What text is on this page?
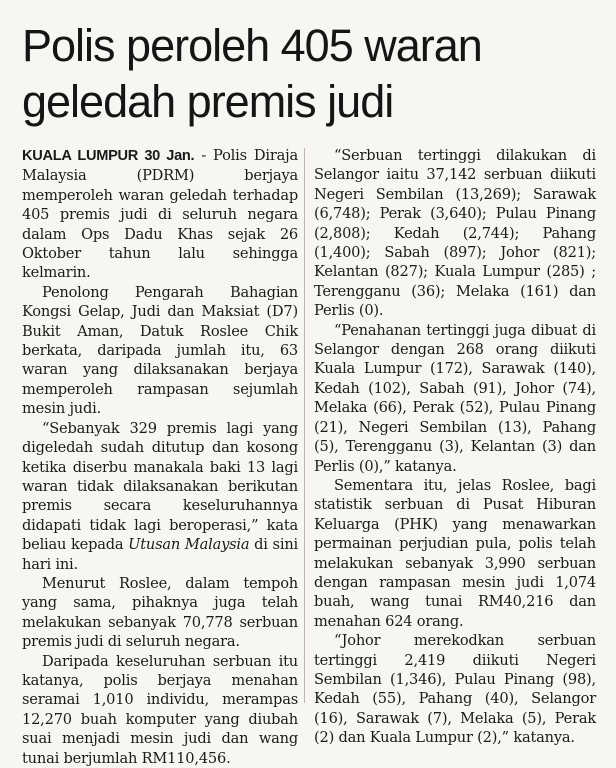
Polis peroleh 405 waran
geledah premis judi

KUALA LUMPUR 30 Jan. - Polis Diraja Malaysia (PDRM) berjaya memperoleh waran geledah terhadap 405 premis judi di seluruh negara dalam Ops Dadu Khas sejak 26 Oktober tahun lalu sehingga kelmarin.

Penolong Pengarah Bahagian Kongsi Gelap, Judi dan Maksiat (D7) Bukit Aman, Datuk Roslee Chik berkata, daripada jumlah itu, 63 waran yang dilaksanakan berjaya memperoleh rampasan sejumlah mesin judi.

“Sebanyak 329 premis lagi yang digeledah sudah ditutup dan kosong ketika diserbu manakala baki 13 lagi waran tidak dilaksanakan berikutan premis secara keseluruhannya didapati tidak lagi beroperasi,” kata beliau kepada Utusan Malaysia di sini hari ini.

Menurut Roslee, dalam tempoh yang sama, pihaknya juga telah melakukan sebanyak 70,778 serbuan premis judi di seluruh negara.

Daripada keseluruhan serbuan itu katanya, polis berjaya menahan seramai 1,010 individu, merampas 12,270 buah komputer yang diubah suai menjadi mesin judi dan wang tunai berjumlah RM110,456.

“Serbuan tertinggi dilakukan di Selangor iaitu 37,142 serbuan diikuti Negeri Sembilan (13,269); Sarawak (6,748); Perak (3,640); Pulau Pinang (2,808); Kedah (2,744); Pahang (1,400); Sabah (897); Johor (821); Kelantan (827); Kuala Lumpur (285) ; Terengganu (36); Melaka (161) dan Perlis (0).

“Penahanan tertinggi juga dibuat di Selangor dengan 268 orang diikuti Kuala Lumpur (172), Sarawak (140), Kedah (102), Sabah (91), Johor (74), Melaka (66), Perak (52), Pulau Pinang (21), Negeri Sembilan (13), Pahang (5), Terengganu (3), Kelantan (3) dan Perlis (0),” katanya.

Sementara itu, jelas Roslee, bagi statistik serbuan di Pusat Hiburan Keluarga (PHK) yang menawarkan permainan perjudian pula, polis telah melakukan sebanyak 3,990 serbuan dengan rampasan mesin judi 1,074 buah, wang tunai RM40,216 dan menahan 624 orang.

“Johor merekodkan serbuan tertinggi 2,419 diikuti Negeri Sembilan (1,346), Pulau Pinang (98), Kedah (55), Pahang (40), Selangor (16), Sarawak (7), Melaka (5), Perak (2) dan Kuala Lumpur (2),” katanya.
